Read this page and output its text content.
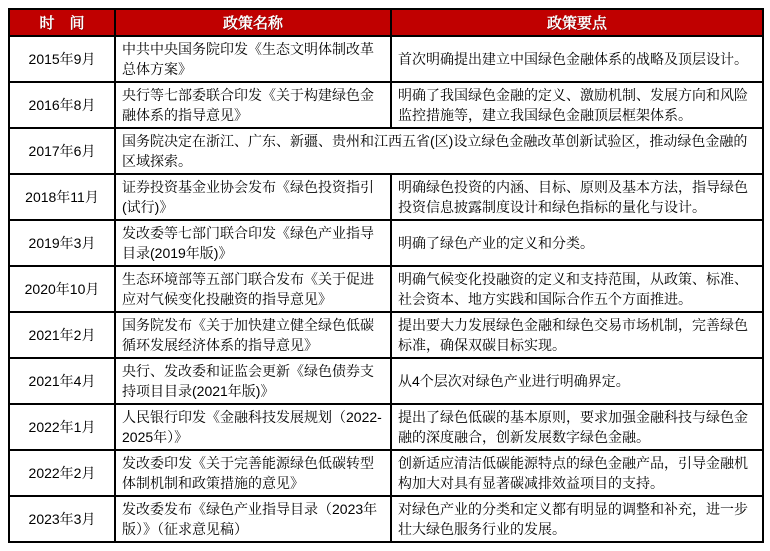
时　间	政策名称	政策要点
2015年9月	中共中央国务院印发《生态文明体制改革总体方案》	首次明确提出建立中国绿色金融体系的战略及顶层设计。
2016年8月	央行等七部委联合印发《关于构建绿色金融体系的指导意见》	明确了我国绿色金融的定义、激励机制、发展方向和风险监控措施等，建立我国绿色金融顶层框架体系。
2017年6月	国务院决定在浙江、广东、新疆、贵州和江西五省(区)设立绿色金融改革创新试验区，推动绿色金融的区域探索。	
2018年11月	证券投资基金业协会发布《绿色投资指引(试行)》	明确绿色投资的内涵、目标、原则及基本方法，指导绿色投资信息披露制度设计和绿色指标的量化与设计。
2019年3月	发改委等七部门联合印发《绿色产业指导目录(2019年版)》	明确了绿色产业的定义和分类。
2020年10月	生态环境部等五部门联合发布《关于促进应对气候变化投融资的指导意见》	明确气候变化投融资的定义和支持范围，从政策、标准、社会资本、地方实践和国际合作五个方面推进。
2021年2月	国务院发布《关于加快建立健全绿色低碳循环发展经济体系的指导意见》	提出要大力发展绿色金融和绿色交易市场机制，完善绿色标准，确保双碳目标实现。
2021年4月	央行、发改委和证监会更新《绿色债券支持项目目录(2021年版)》	从4个层次对绿色产业进行明确界定。
2022年1月	人民银行印发《金融科技发展规划（2022-2025年）》	提出了绿色低碳的基本原则，要求加强金融科技与绿色金融的深度融合，创新发展数字绿色金融。
2022年2月	发改委印发《关于完善能源绿色低碳转型体制机制和政策措施的意见》	创新适应清洁低碳能源特点的绿色金融产品，引导金融机构加大对具有显著碳减排效益项目的支持。
2023年3月	发改委发布《绿色产业指导目录（2023年版）》（征求意见稿）	对绿色产业的分类和定义都有明显的调整和补充，进一步壮大绿色服务行业的发展。
